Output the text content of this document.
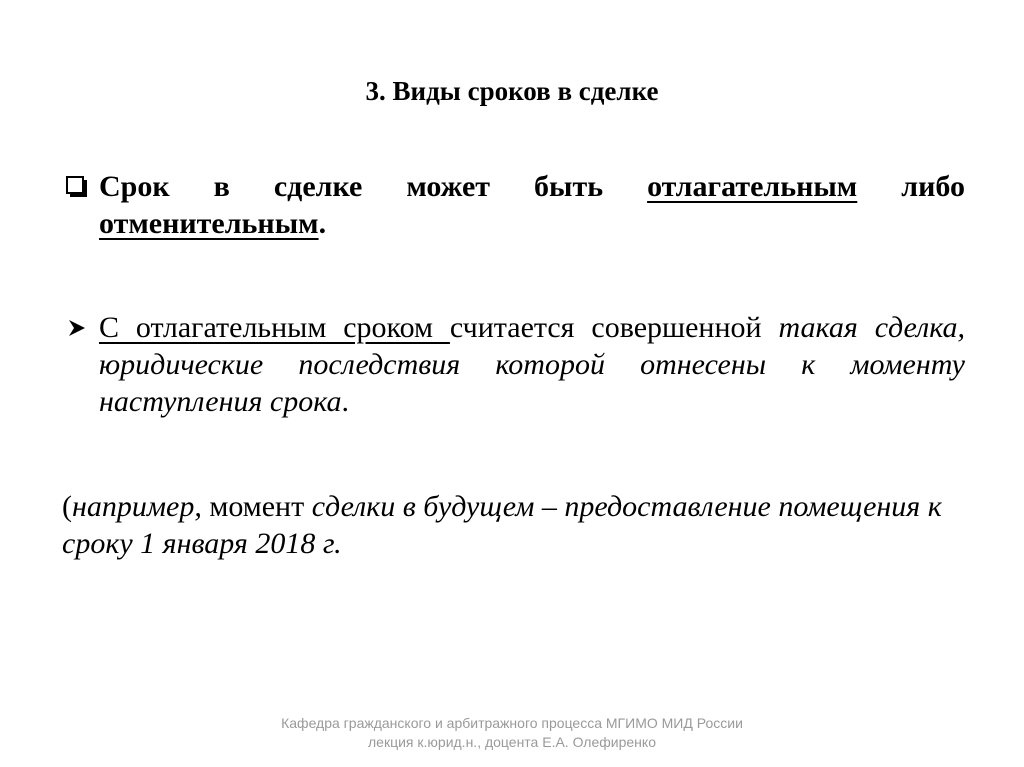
3. Виды сроков в сделке
Срок в сделке может быть отлагательным либо отменительным.
С отлагательным сроком считается совершенной такая сделка, юридические последствия которой отнесены к моменту наступления срока.
(например, момент сделки в будущем – предоставление помещения к сроку 1 января 2018 г.
Кафедра гражданского и арбитражного процесса МГИМО МИД России
лекция к.юрид.н., доцента Е.А. Олефиренко
